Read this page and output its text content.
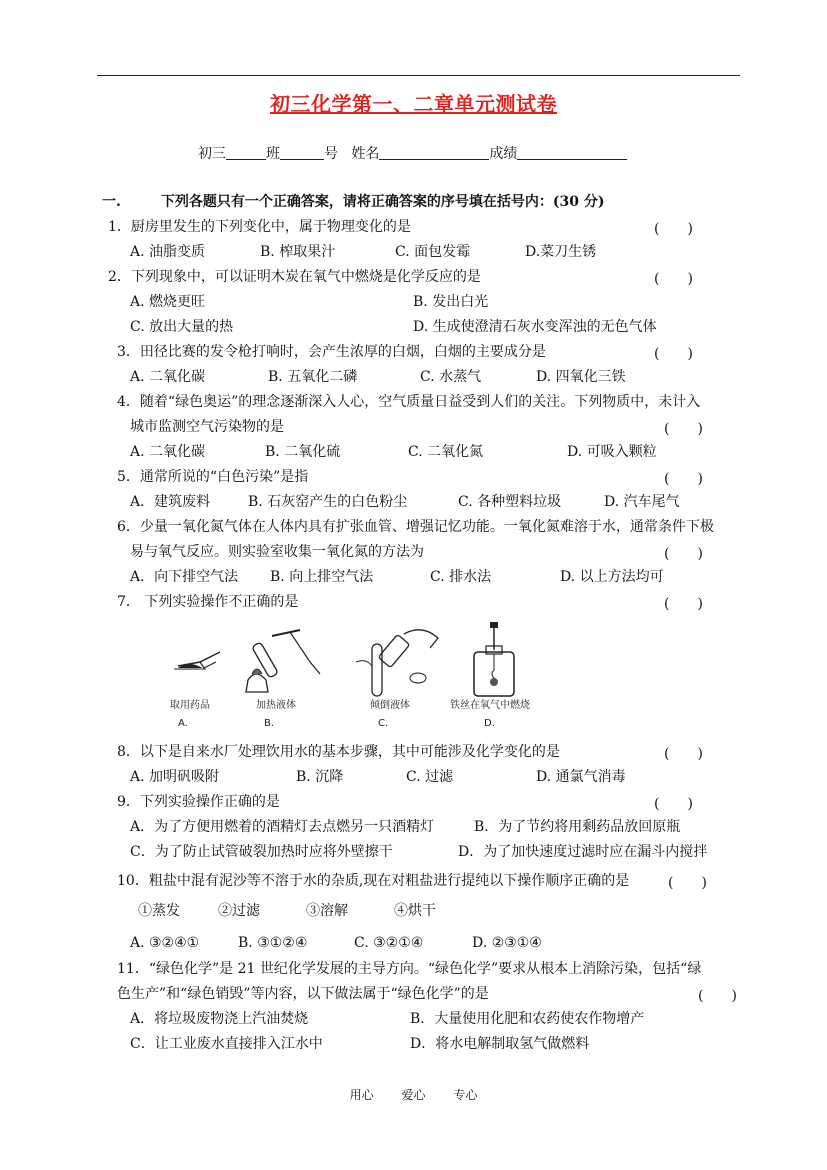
初三化学第一、二章单元测试卷
初三	班	号 姓名	成绩
一.	下列各题只有一个正确答案，请将正确答案的序号填在括号内：(30 分)
1．厨房里发生的下列变化中，属于物理变化的是	(　　)
A. 油脂变质	B. 榨取果汁	C. 面包发霉	D.菜刀生锈
2．下列现象中，可以证明木炭在氧气中燃烧是化学反应的是	(　　)
A. 燃烧更旺	B. 发出白光
C. 放出大量的热	D. 生成使澄清石灰水变浑浊的无色气体
3．田径比赛的发令枪打响时，会产生浓厚的白烟，白烟的主要成分是	(　　)
A. 二氧化碳	B. 五氧化二磷	C. 水蒸气	D. 四氧化三铁
4．随着“绿色奥运”的理念逐渐深入人心，空气质量日益受到人们的关注。下列物质中，未计入
城市监测空气污染物的是	(　　)
A. 二氧化碳	B. 二氧化硫	C. 二氧化氮	D. 可吸入颗粒
5．通常所说的“白色污染”是指	(　　)
A．建筑废料	B. 石灰窑产生的白色粉尘	C. 各种塑料垃圾	D. 汽车尾气
6．少量一氧化氮气体在人体内具有扩张血管、增强记忆功能。一氧化氮难溶于水，通常条件下极
易与氧气反应。则实验室收集一氧化氮的方法为	(　　)
A．向下排空气法 B. 向上排空气法	C. 排水法	D. 以上方法均可
7． 下列实验操作不正确的是	(　　)
取用药品
A.
加热液体
B.
倾倒液体
C.
铁丝在氧气中燃烧
D.
8．以下是自来水厂处理饮用水的基本步骤，其中可能涉及化学变化的是	(　　)
A. 加明矾吸附	B. 沉降	C. 过滤	D. 通氯气消毒
9．下列实验操作正确的是	(　　)
A．为了方便用燃着的酒精灯去点燃另一只酒精灯	B．为了节约将用剩药品放回原瓶
C．为了防止试管破裂加热时应将外壁擦干	D．为了加快速度过滤时应在漏斗内搅拌
10．粗盐中混有泥沙等不溶于水的杂质,现在对粗盐进行提纯以下操作顺序正确的是	(　　)
①蒸发	②过滤	③溶解	④烘干
A. ③②④①	B. ③①②④	C. ③②①④	D. ②③①④
11．“绿色化学”是 21 世纪化学发展的主导方向。“绿色化学”要求从根本上消除污染，包括“绿
色生产”和“绿色销毁”等内容，以下做法属于“绿色化学”的是	(　　)
A．将垃圾废物浇上汽油焚烧	B．大量使用化肥和农药使农作物增产
C．让工业废水直接排入江水中	D．将水电解制取氢气做燃料
用心 爱心 专心
